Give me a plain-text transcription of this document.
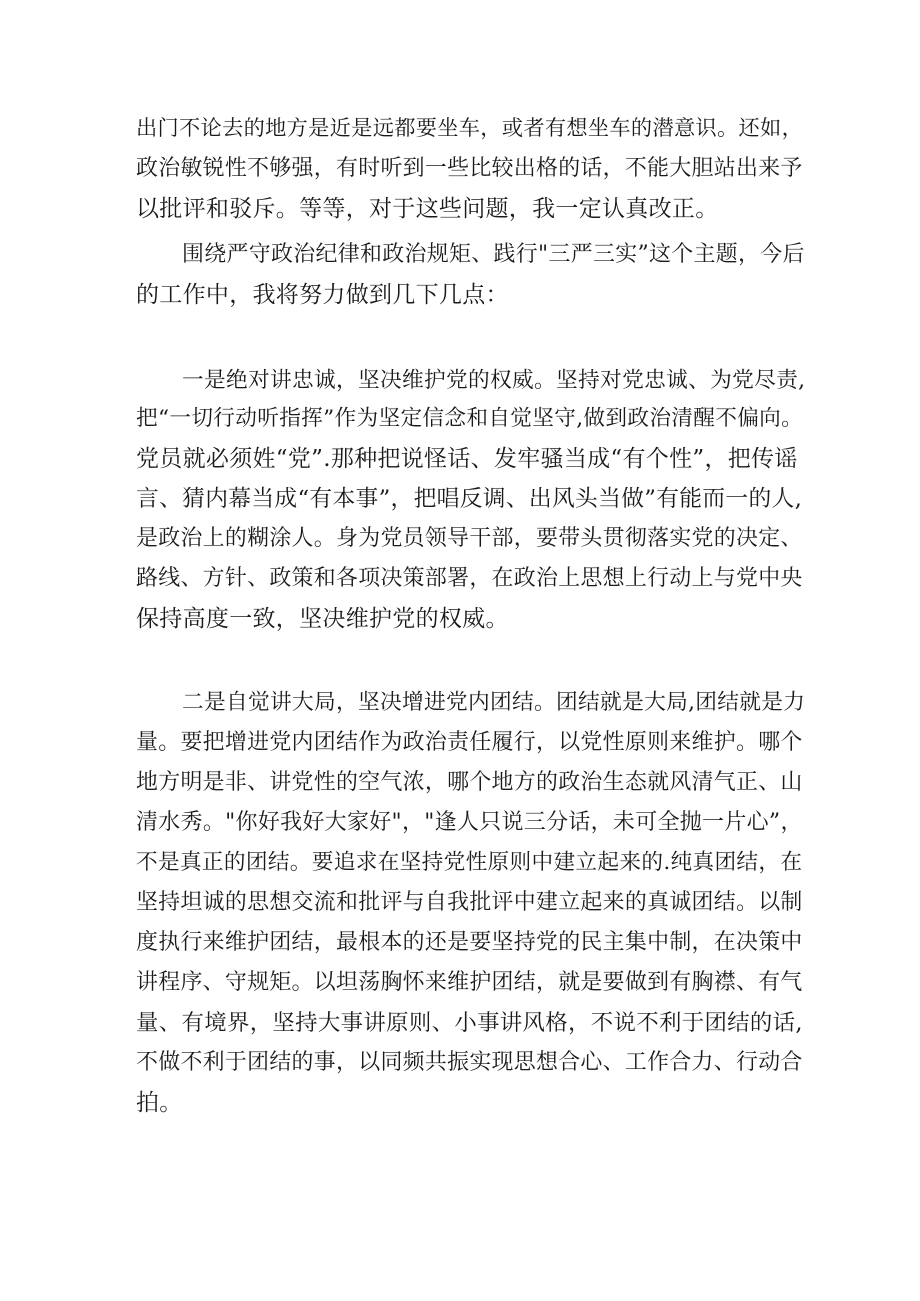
出门不论去的地方是近是远都要坐车，或者有想坐车的潜意识。还如，
政治敏锐性不够强，有时听到一些比较出格的话，不能大胆站出来予
以批评和驳斥。等等，对于这些问题，我一定认真改正。
围绕严守政治纪律和政治规矩、践行"三严三实”这个主题，今后
的工作中，我将努力做到几下几点：
一是绝对讲忠诚，坚决维护党的权威。坚持对党忠诚、为党尽责,
把“一切行动听指挥”作为坚定信念和自觉坚守,做到政治清醒不偏向。
党员就必须姓“党”.那种把说怪话、发牢骚当成“有个性”，把传谣
言、猜内幕当成“有本事”，把唱反调、出风头当做”有能而一的人,
是政治上的糊涂人。身为党员领导干部，要带头贯彻落实党的决定、
路线、方针、政策和各项决策部署，在政治上思想上行动上与党中央
保持高度一致，坚决维护党的权威。
二是自觉讲大局，坚决增进党内团结。团结就是大局,团结就是力
量。要把增进党内团结作为政治责任履行，以党性原则来维护。哪个
地方明是非、讲党性的空气浓，哪个地方的政治生态就风清气正、山
清水秀。"你好我好大家好"，"逢人只说三分话，未可全抛一片心”，
不是真正的团结。要追求在坚持党性原则中建立起来的.纯真团结，在
坚持坦诚的思想交流和批评与自我批评中建立起来的真诚团结。以制
度执行来维护团结，最根本的还是要坚持党的民主集中制，在决策中
讲程序、守规矩。以坦荡胸怀来维护团结，就是要做到有胸襟、有气
量、有境界，坚持大事讲原则、小事讲风格，不说不利于团结的话,
不做不利于团结的事，以同频共振实现思想合心、工作合力、行动合
拍。
